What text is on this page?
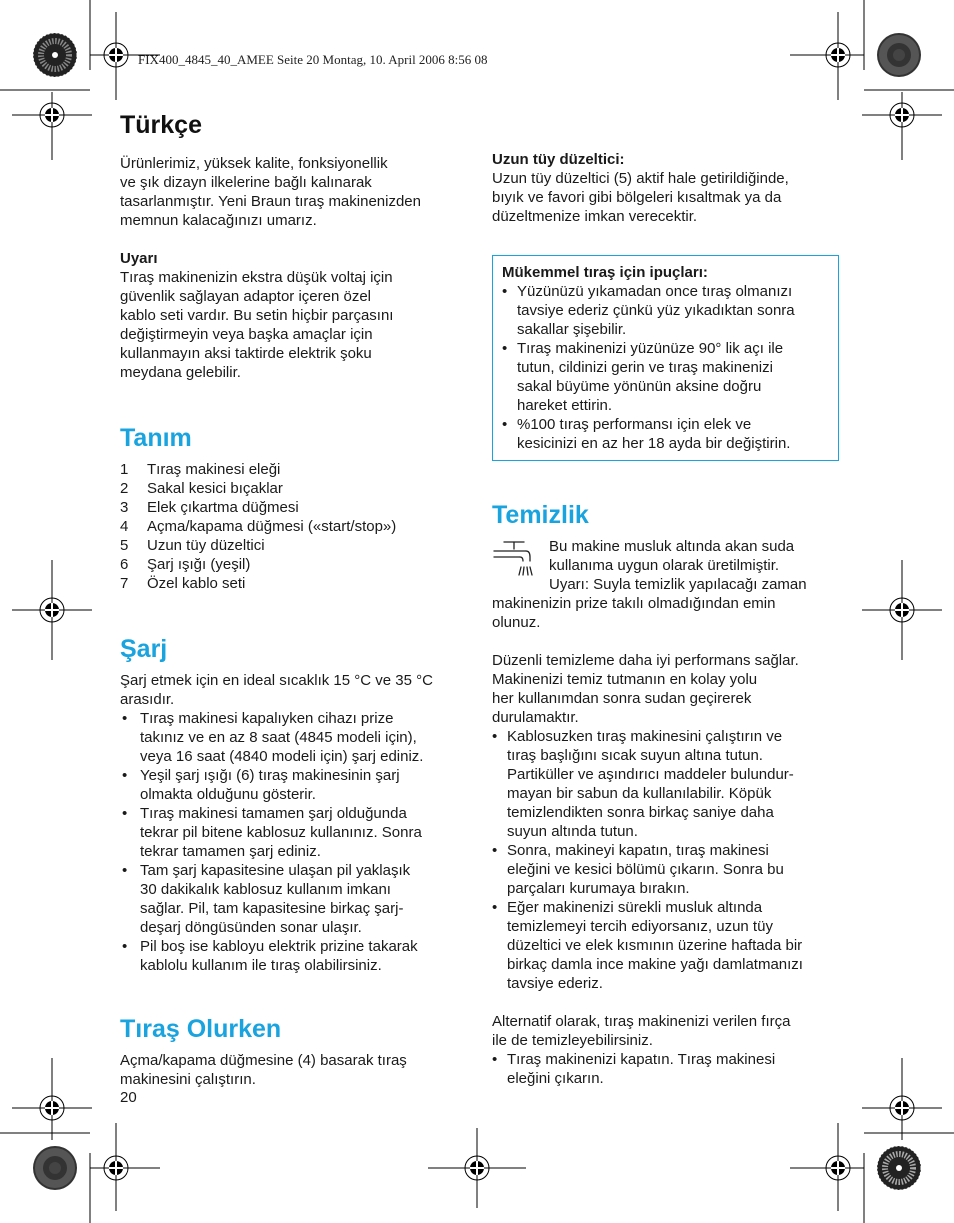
FIX400_4845_40_AMEE Seite 20 Montag, 10. April 2006 8:56 08
Türkçe

Ürünlerimiz, yüksek kalite, fonksiyonellik

ve şık dizayn ilkelerine bağlı kalınarak

tasarlanmıştır. Yeni Braun tıraş makinenizden

memnun kalacağınızı umarız.

Uyarı

Tıraş makinenizin ekstra düşük voltaj için

güvenlik sağlayan adaptor içeren özel

kablo seti vardır. Bu setin hiçbir parçasını

değiştirmeyin veya başka amaçlar için

kullanmayın aksi taktirde elektrik şoku

meydana gelebilir.

Tanım
1	Tıraş makinesi eleği
2	Sakal kesici bıçaklar
3	Elek çıkartma düğmesi
4	Açma/kapama düğmesi («start/stop»)
5	Uzun tüy düzeltici
6	Şarj ışığı (yeşil)
7	Özel kablo seti
Şarj

Şarj etmek için en ideal sıcaklık 15 °C ve 35 °C

arasıdır.

• Tıraş makinesi kapalıyken cihazı prize
takınız ve en az 8 saat (4845 modeli için),
veya 16 saat (4840 modeli için) şarj ediniz.
• Yeşil şarj ışığı (6) tıraş makinesinin şarj
olmakta olduğunu gösterir.
• Tıraş makinesi tamamen şarj olduğunda
tekrar pil bitene kablosuz kullanınız. Sonra
tekrar tamamen şarj ediniz.
• Tam şarj kapasitesine ulaşan pil yaklaşık
30 dakikalık kablosuz kullanım imkanı
sağlar. Pil, tam kapasitesine birkaç şarj-
deşarj döngüsünden sonar ulaşır.
• Pil boş ise kabloyu elektrik prizine takarak
kablolu kullanım ile tıraş olabilirsiniz.
Tıraş Olurken

Açma/kapama düğmesine (4) basarak tıraş

makinesini çalıştırın.

20

Uzun tüy düzeltici:

Uzun tüy düzeltici (5) aktif hale getirildiğinde,

bıyık ve favori gibi bölgeleri kısaltmak ya da

düzeltmenize imkan verecektir.

Mükemmel tıraş için ipuçları:

• Yüzünüzü yıkamadan once tıraş olmanızı
tavsiye ederiz çünkü yüz yıkadıktan sonra
sakallar şişebilir.
• Tıraş makinenizi yüzünüze 90° lik açı ile
tutun, cildinizi gerin ve tıraş makinenizi
sakal büyüme yönünün aksine doğru
hareket ettirin.
• %100 tıraş performansı için elek ve
kesicinizi en az her 18 ayda bir değiştirin.
Temizlik

Bu makine musluk altında akan suda

kullanıma uygun olarak üretilmiştir.

Uyarı: Suyla temizlik yapılacağı zaman

makinenizin prize takılı olmadığından emin

olunuz.

Düzenli temizleme daha iyi performans sağlar.

Makinenizi temiz tutmanın en kolay yolu

her kullanımdan sonra sudan geçirerek

durulamaktır.

• Kablosuzken tıraş makinesini çalıştırın ve
tıraş başlığını sıcak suyun altına tutun.
Partiküller ve aşındırıcı maddeler bulundur-
mayan bir sabun da kullanılabilir. Köpük
temizlendikten sonra birkaç saniye daha
suyun altında tutun.
• Sonra, makineyi kapatın, tıraş makinesi
eleğini ve kesici bölümü çıkarın. Sonra bu
parçaları kurumaya bırakın.
• Eğer makinenizi sürekli musluk altında
temizlemeyi tercih ediyorsanız, uzun tüy
düzeltici ve elek kısmının üzerine haftada bir
birkaç damla ince makine yağı damlatmanızı
tavsiye ederiz.

Alternatif olarak, tıraş makinenizi verilen fırça

ile de temizleyebilirsiniz.

• Tıraş makinenizi kapatın. Tıraş makinesi
eleğini çıkarın.
